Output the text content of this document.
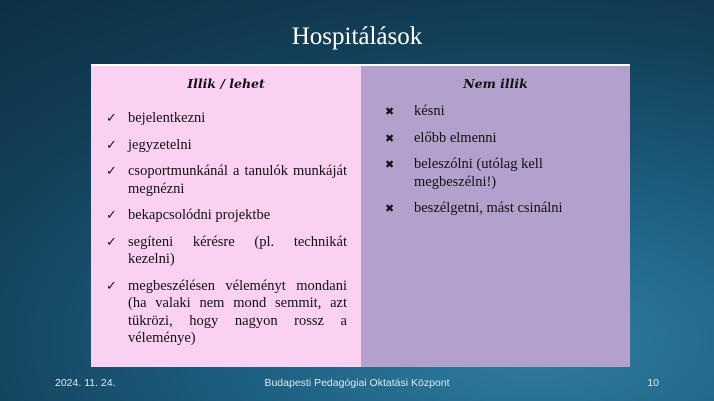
Hospitálások
Illik / lehet
✓ bejelentkezni
✓ jegyzetelni
✓ csoportmunkánál a tanulók munkáját megnézni
✓ bekapcsolódni projektbe
✓ segíteni kérésre (pl. technikát kezelni)
✓ megbeszélésen véleményt mondani (ha valaki nem mond semmit, azt tükrözi, hogy nagyon rossz a véleménye)
Nem illik
✖ késni
✖ előbb elmenni
✖ beleszólni (utólag kell megbeszélni!)
✖ beszélgetni, mást csinálni
2024. 11. 24.	Budapesti Pedagógiai Oktatási Központ	10
